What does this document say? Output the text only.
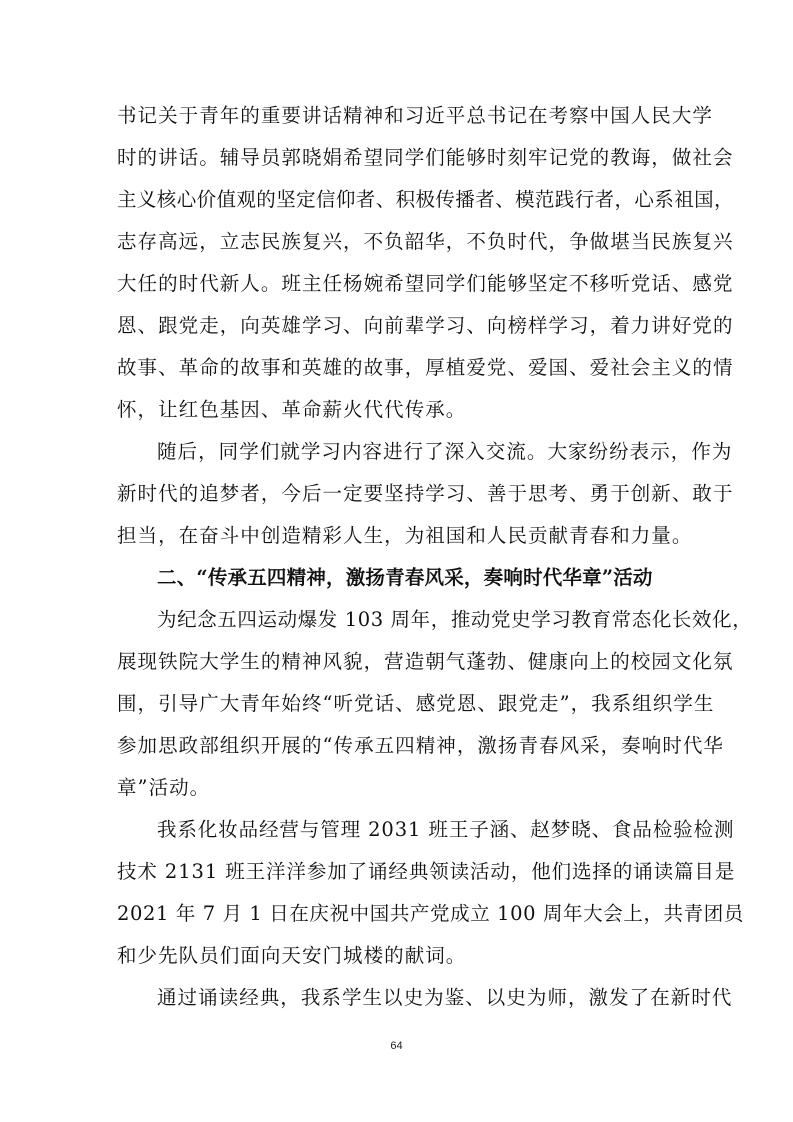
书记关于青年的重要讲话精神和习近平总书记在考察中国人民大学
时的讲话。辅导员郭晓娟希望同学们能够时刻牢记党的教诲，做社会
主义核心价值观的坚定信仰者、积极传播者、模范践行者，心系祖国，
志存高远，立志民族复兴，不负韶华，不负时代，争做堪当民族复兴
大任的时代新人。班主任杨婉希望同学们能够坚定不移听党话、感党
恩、跟党走，向英雄学习、向前辈学习、向榜样学习，着力讲好党的
故事、革命的故事和英雄的故事，厚植爱党、爱国、爱社会主义的情
怀，让红色基因、革命薪火代代传承。
随后，同学们就学习内容进行了深入交流。大家纷纷表示，作为
新时代的追梦者，今后一定要坚持学习、善于思考、勇于创新、敢于
担当，在奋斗中创造精彩人生，为祖国和人民贡献青春和力量。
二、“传承五四精神，激扬青春风采，奏响时代华章”活动
为纪念五四运动爆发 103 周年，推动党史学习教育常态化长效化，
展现铁院大学生的精神风貌，营造朝气蓬勃、健康向上的校园文化氛
围，引导广大青年始终“听党话、感党恩、跟党走”，我系组织学生
参加思政部组织开展的“传承五四精神，激扬青春风采，奏响时代华
章”活动。
我系化妆品经营与管理 2031 班王子涵、赵梦晓、食品检验检测
技术 2131 班王洋洋参加了诵经典领读活动，他们选择的诵读篇目是
2021 年 7 月 1 日在庆祝中国共产党成立 100 周年大会上，共青团员
和少先队员们面向天安门城楼的献词。
通过诵读经典，我系学生以史为鉴、以史为师，激发了在新时代
64
